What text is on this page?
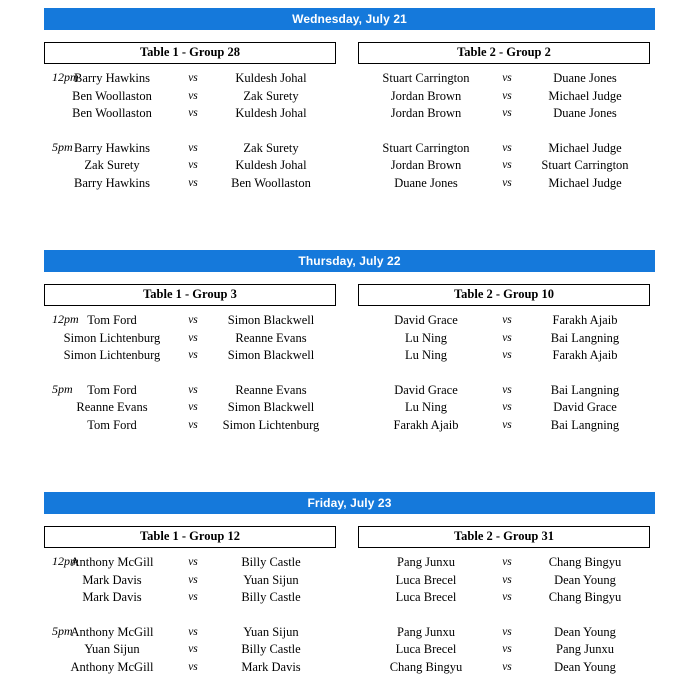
Wednesday, July 21
Table 1 - Group 28
12pm
Barry Hawkins	vs	Kuldesh Johal
Ben Woollaston	vs	Zak Surety
Ben Woollaston	vs	Kuldesh Johal
5pm Barry Hawkins	vs	Zak Surety
Zak Surety	vs	Kuldesh Johal
Barry Hawkins	vs	Ben Woollaston
Table 2 - Group 2
Stuart Carrington	vs	Duane Jones
Jordan Brown	vs	Michael Judge
Jordan Brown	vs	Duane Jones
Stuart Carrington	vs	Michael Judge
Jordan Brown	vs	Stuart Carrington
Duane Jones	vs	Michael Judge
Thursday, July 22
Table 1 - Group 3
12pm Tom Ford	vs	Simon Blackwell
Simon Lichtenburg	vs	Reanne Evans
Simon Lichtenburg	vs	Simon Blackwell
5pm	Tom Ford	vs	Reanne Evans
Reanne Evans	vs	Simon Blackwell
Tom Ford	vs	Simon Lichtenburg
Table 2 - Group 10
David Grace	vs	Farakh Ajaib
Lu Ning	vs	Bai Langning
Lu Ning	vs	Farakh Ajaib
David Grace	vs	Bai Langning
Lu Ning	vs	David Grace
Farakh Ajaib	vs	Bai Langning
Friday, July 23
Table 1 - Group 12
12pm
Anthony McGill	vs	Billy Castle
Mark Davis	vs	Yuan Sijun
Mark Davis	vs	Billy Castle
5pm
Anthony McGill	vs	Yuan Sijun
Yuan Sijun	vs	Billy Castle
Anthony McGill	vs	Mark Davis
Table 2 - Group 31
Pang Junxu	vs	Chang Bingyu
Luca Brecel	vs	Dean Young
Luca Brecel	vs	Chang Bingyu
Pang Junxu	vs	Dean Young
Luca Brecel	vs	Pang Junxu
Chang Bingyu	vs	Dean Young
